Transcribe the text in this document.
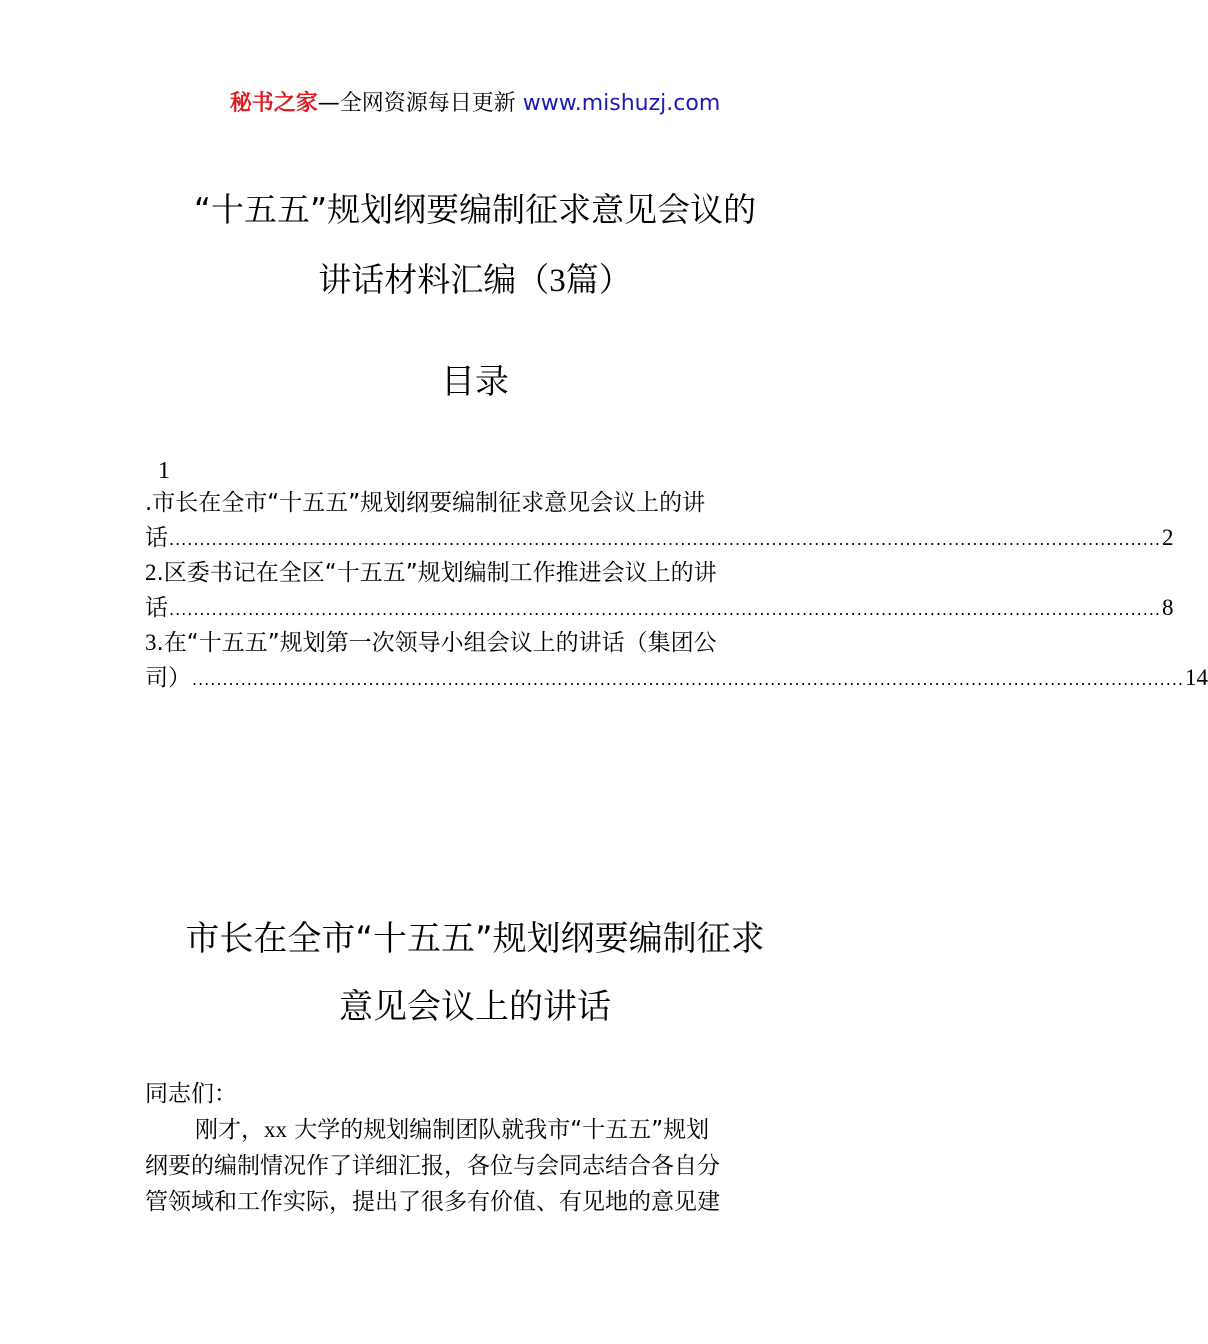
秘书之家—全网资源每日更新 www.mishuzj.com
“十五五”规划纲要编制征求意见会议的
讲话材料汇编（3篇）
目录
1
.市长在全市“十五五”规划纲要编制征求意见会议上的讲
话 ................................................................................................................................................................... 2
2.区委书记在全区“十五五”规划编制工作推进会议上的讲
话 ................................................................................................................................................................... 8
3.在“十五五”规划第一次领导小组会议上的讲话（集团公
司） ................................................................................................................................................................... 14
市长在全市“十五五”规划纲要编制征求
意见会议上的讲话
同志们：
刚才，xx 大学的规划编制团队就我市“十五五”规划
纲要的编制情况作了详细汇报，各位与会同志结合各自分
管领域和工作实际，提出了很多有价值、有见地的意见建
